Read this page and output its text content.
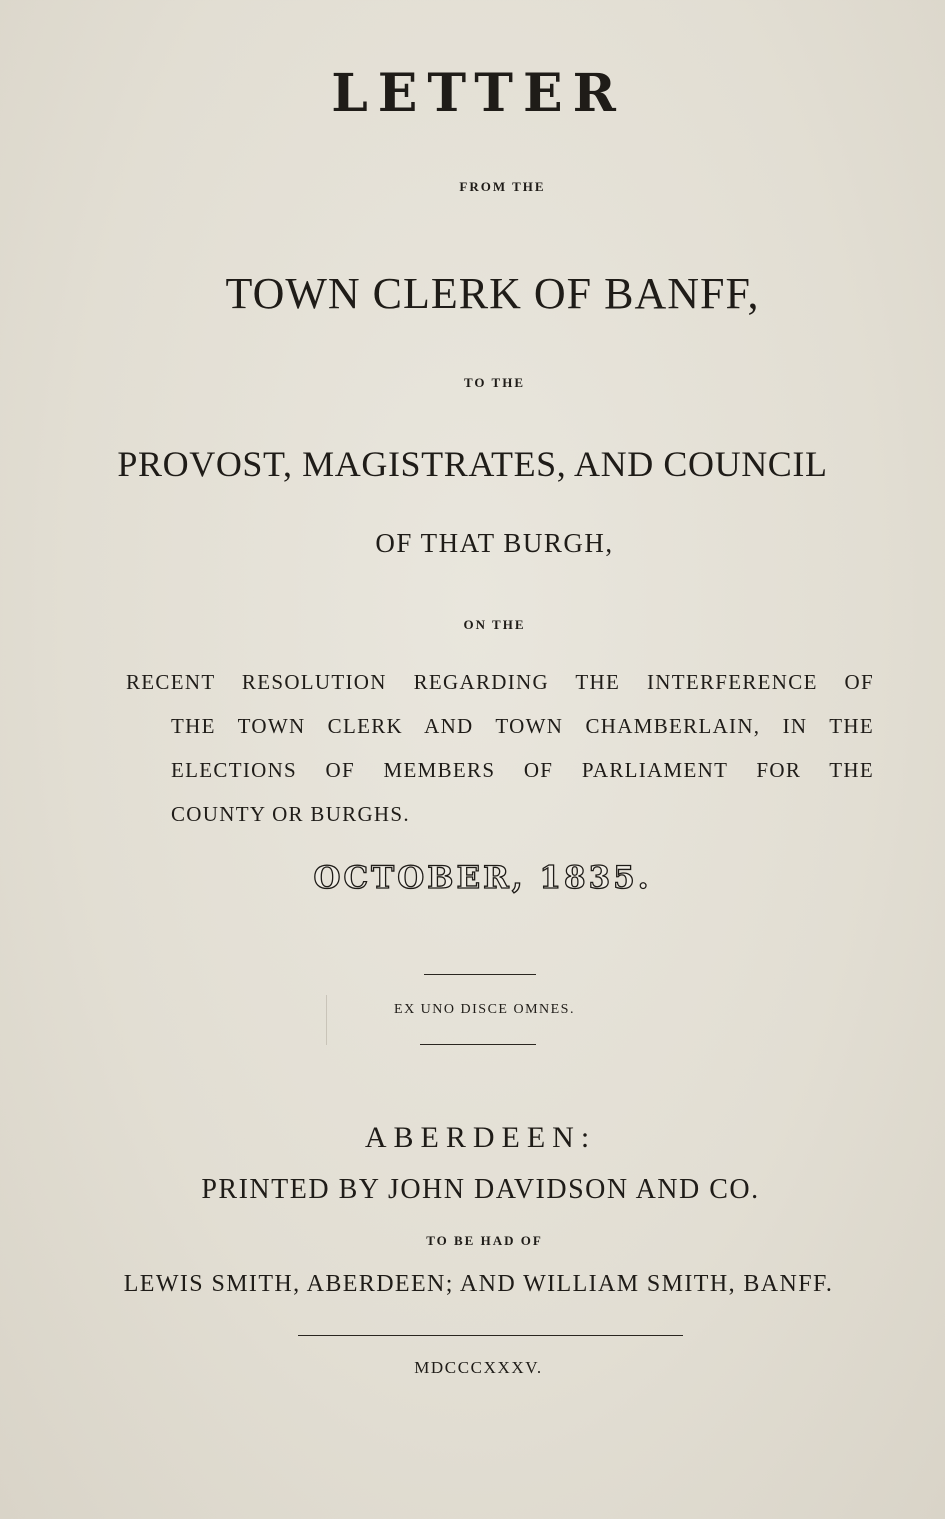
LETTER
FROM THE
TOWN CLERK OF BANFF,
TO THE
PROVOST, MAGISTRATES, AND COUNCIL
OF THAT BURGH,
ON THE
RECENT RESOLUTION REGARDING THE INTERFERENCE OF
THE TOWN CLERK AND TOWN CHAMBERLAIN, IN THE
ELECTIONS OF MEMBERS OF PARLIAMENT FOR THE
COUNTY OR BURGHS.
OCTOBER, 1835.
EX UNO DISCE OMNES.
ABERDEEN:
PRINTED BY JOHN DAVIDSON AND CO.
TO BE HAD OF
LEWIS SMITH, ABERDEEN; AND WILLIAM SMITH, BANFF.
MDCCCXXXV.
